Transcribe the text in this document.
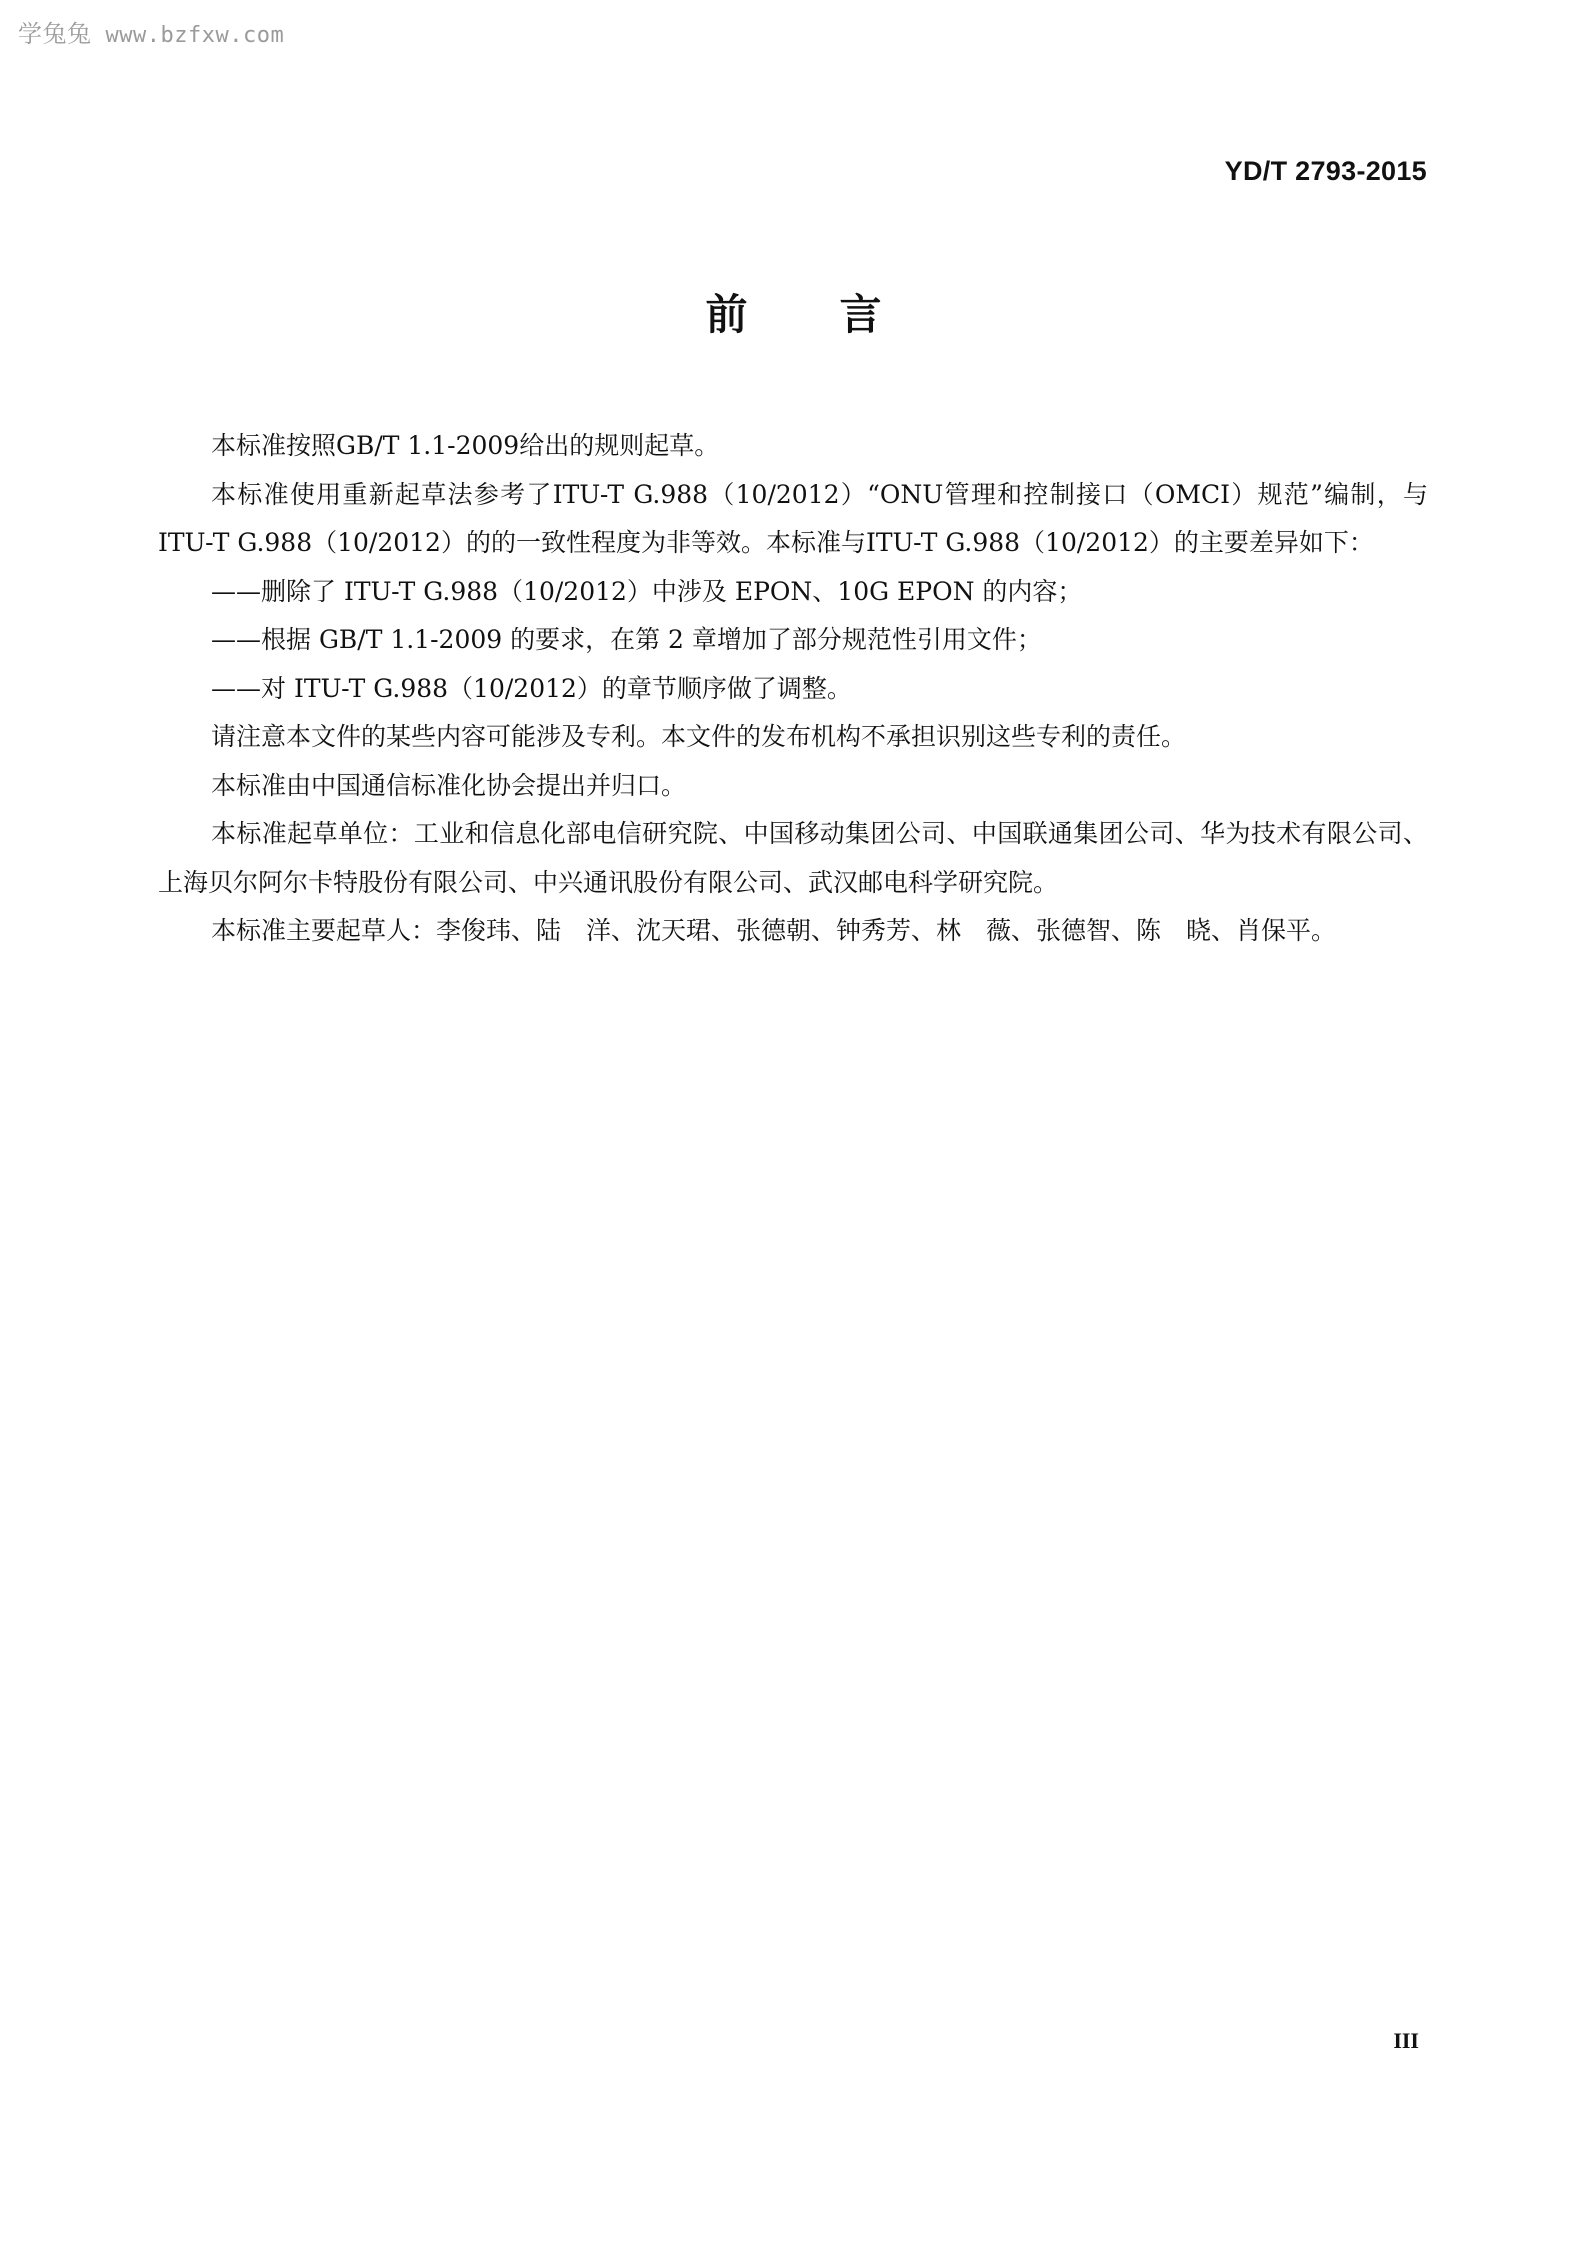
学兔兔 www.bzfxw.com
YD/T 2793-2015
前 言

本标准按照GB/T 1.1-2009给出的规则起草。

本标准使用重新起草法参考了ITU-T G.988（10/2012）“ONU管理和控制接口（OMCI）规范”编制，与ITU-T G.988（10/2012）的的一致性程度为非等效。本标准与ITU-T G.988（10/2012）的主要差异如下：

——删除了 ITU-T G.988（10/2012）中涉及 EPON、10G EPON 的内容；

——根据 GB/T 1.1-2009 的要求，在第 2 章增加了部分规范性引用文件；

——对 ITU-T G.988（10/2012）的章节顺序做了调整。

请注意本文件的某些内容可能涉及专利。本文件的发布机构不承担识别这些专利的责任。

本标准由中国通信标准化协会提出并归口。

本标准起草单位：工业和信息化部电信研究院、中国移动集团公司、中国联通集团公司、华为技术有限公司、上海贝尔阿尔卡特股份有限公司、中兴通讯股份有限公司、武汉邮电科学研究院。

本标准主要起草人：李俊玮、陆　洋、沈天珺、张德朝、钟秀芳、林　薇、张德智、陈　晓、肖保平。

III
